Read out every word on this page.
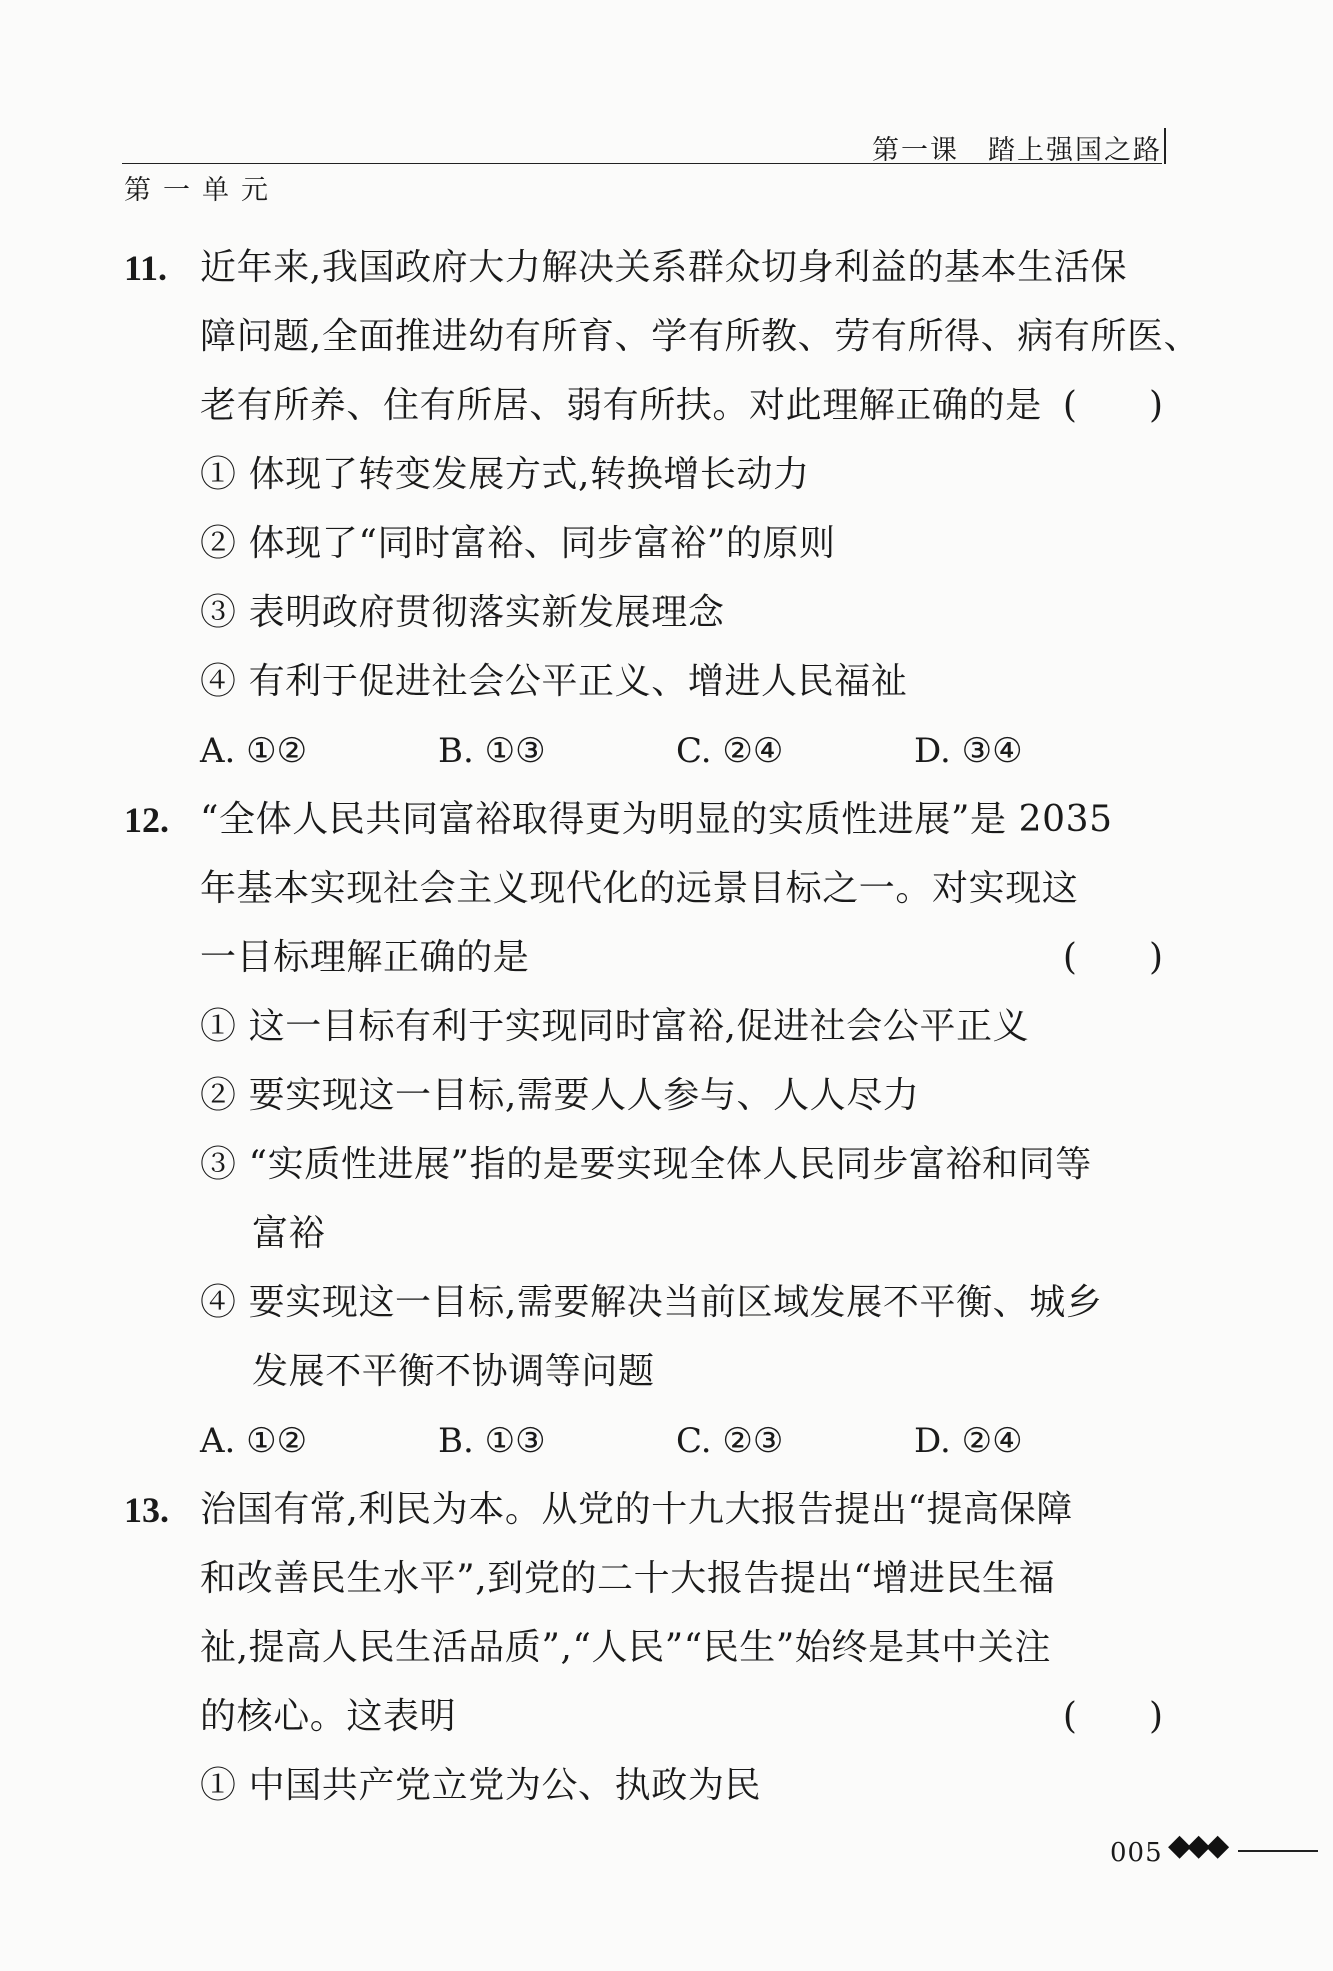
第一课　踏上强国之路
第一单元
11. 近年来,我国政府大力解决关系群众切身利益的基本生活保
障问题,全面推进幼有所育、学有所教、劳有所得、病有所医、
老有所养、住有所居、弱有所扶。对此理解正确的是 (　　)
① 体现了转变发展方式,转换增长动力
② 体现了“同时富裕、同步富裕”的原则
③ 表明政府贯彻落实新发展理念
④ 有利于促进社会公平正义、增进人民福祉
A. ①②	B. ①③	C. ②④	D. ③④
12. “全体人民共同富裕取得更为明显的实质性进展”是 2035
年基本实现社会主义现代化的远景目标之一。对实现这
一目标理解正确的是	(　　)
① 这一目标有利于实现同时富裕,促进社会公平正义
② 要实现这一目标,需要人人参与、人人尽力
③ “实质性进展”指的是要实现全体人民同步富裕和同等
富裕
④ 要实现这一目标,需要解决当前区域发展不平衡、城乡
发展不平衡不协调等问题
A. ①②	B. ①③	C. ②③	D. ②④
13. 治国有常,利民为本。从党的十九大报告提出“提高保障
和改善民生水平”,到党的二十大报告提出“增进民生福
祉,提高人民生活品质”,“人民”“民生”始终是其中关注
的核心。这表明	(　　)
① 中国共产党立党为公、执政为民
005 ◆◆◆
